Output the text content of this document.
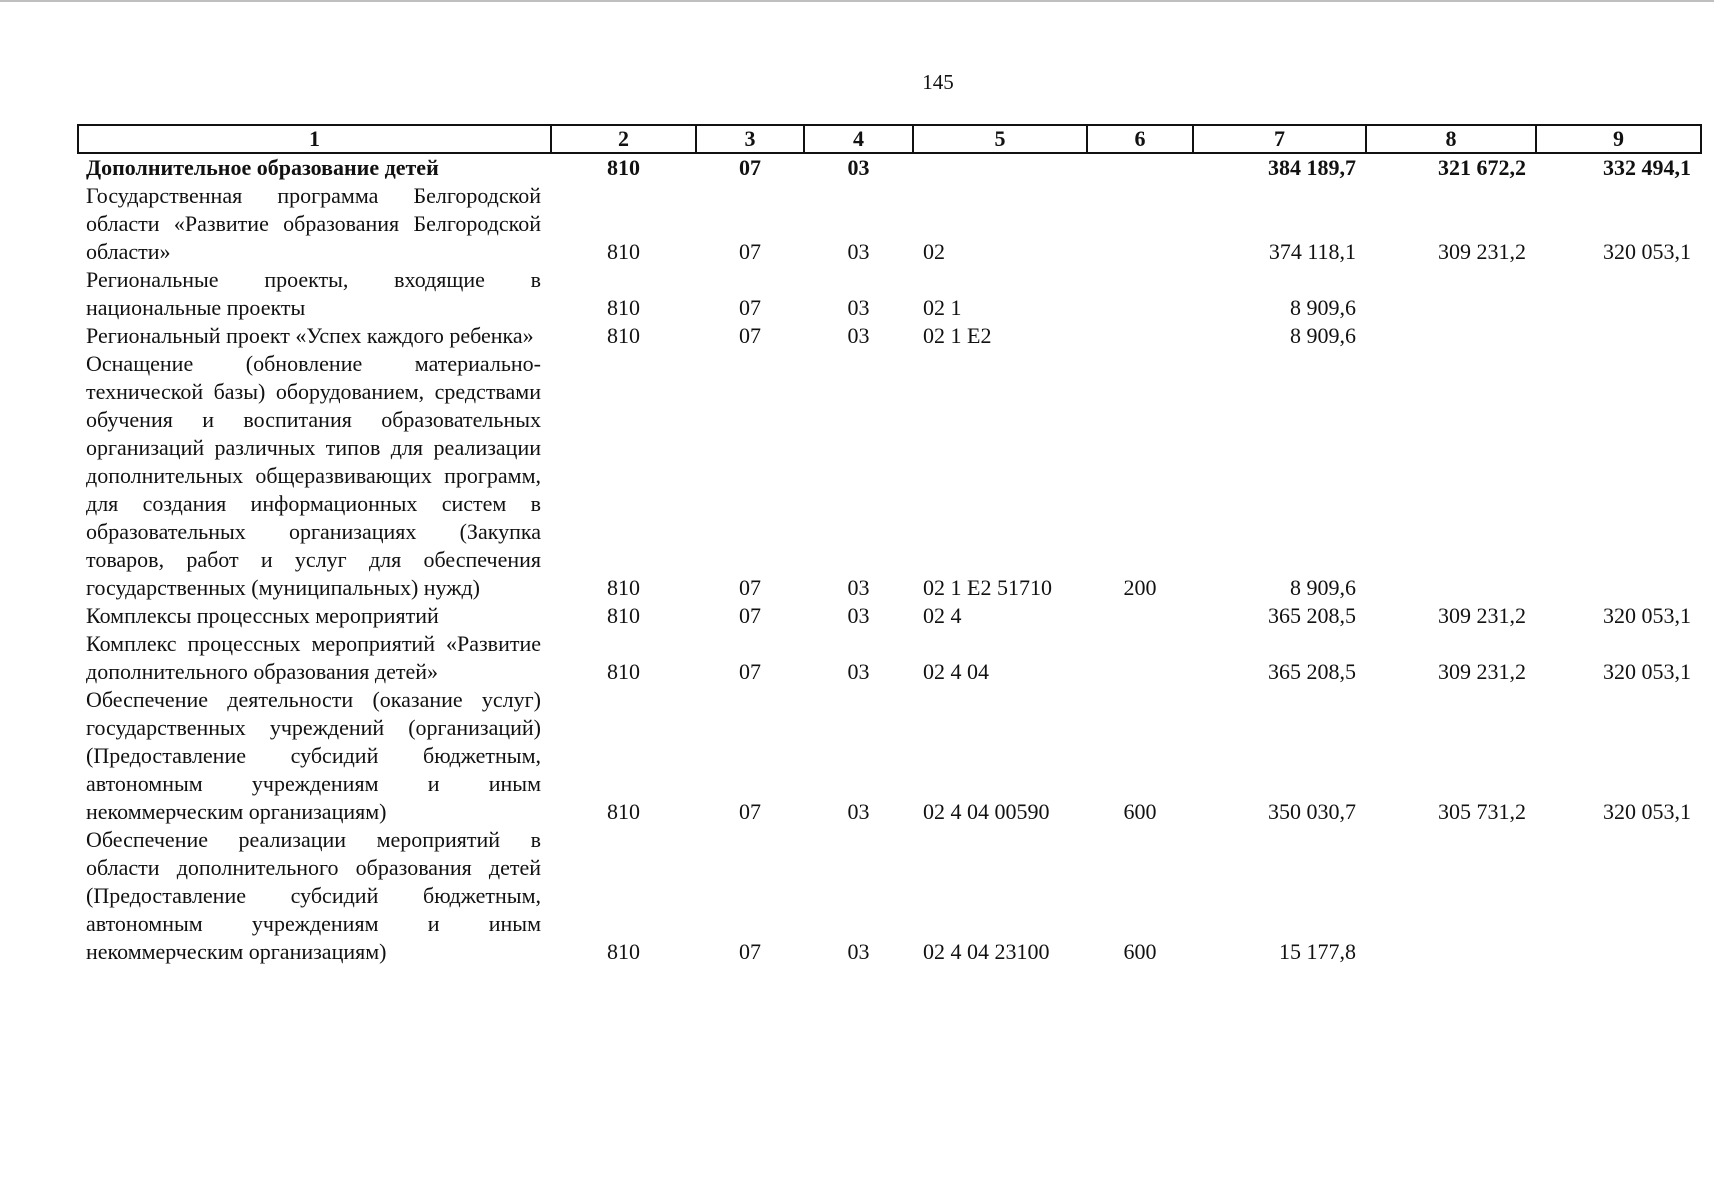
145
1	2	3	4	5	6	7	8	9
Дополнительное образование детей	810	07	03			384 189,7	321 672,2	332 494,1
Государственная программа Белгородской области «Развитие образования Белгородской области»	810	07	03	02		374 118,1	309 231,2	320 053,1
Региональные проекты, входящие в национальные проекты	810	07	03	02 1		8 909,6		
Региональный проект «Успех каждого ребенка»	810	07	03	02 1 Е2		8 909,6		
Оснащение (обновление материально-технической базы) оборудованием, средствами обучения и воспитания образовательных организаций различных типов для реализации дополнительных общеразвивающих программ, для создания информационных систем в образовательных организациях (Закупка товаров, работ и услуг для обеспечения государственных (муниципальных) нужд)	810	07	03	02 1 Е2 51710	200	8 909,6		
Комплексы процессных мероприятий	810	07	03	02 4		365 208,5	309 231,2	320 053,1
Комплекс процессных мероприятий «Развитие дополнительного образования детей»	810	07	03	02 4 04		365 208,5	309 231,2	320 053,1
Обеспечение деятельности (оказание услуг) государственных учреждений (организаций) (Предоставление субсидий бюджетным, автономным учреждениям и иным некоммерческим организациям)	810	07	03	02 4 04 00590	600	350 030,7	305 731,2	320 053,1
Обеспечение реализации мероприятий в области дополнительного образования детей (Предоставление субсидий бюджетным, автономным учреждениям и иным некоммерческим организациям)	810	07	03	02 4 04 23100	600	15 177,8		
